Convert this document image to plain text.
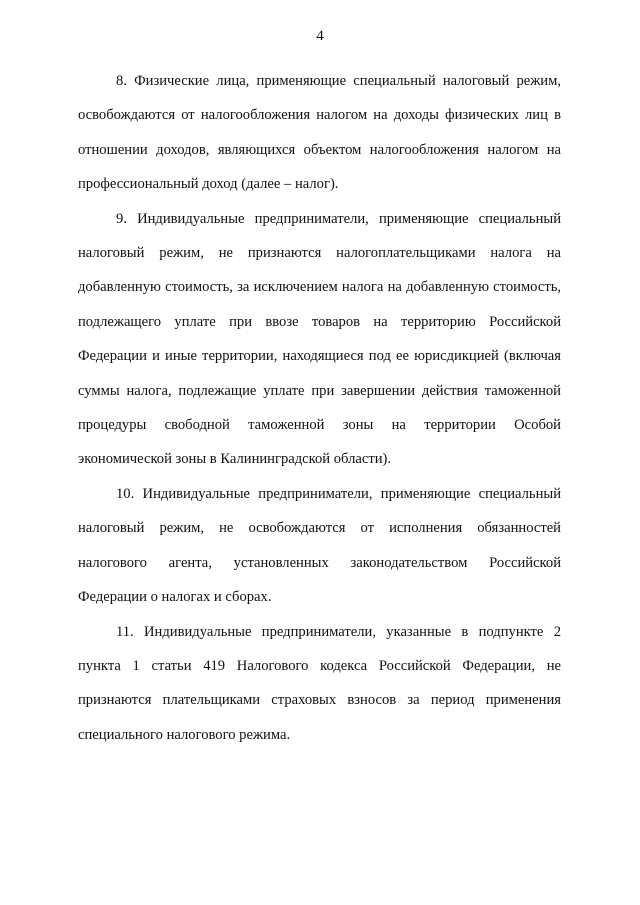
4

8. Физические лица, применяющие специальный налоговый режим, освобождаются от налогообложения налогом на доходы физических лиц в отношении доходов, являющихся объектом налогообложения налогом на профессиональный доход (далее – налог).

9. Индивидуальные предприниматели, применяющие специальный налоговый режим, не признаются налогоплательщиками налога на добавленную стоимость, за исключением налога на добавленную стоимость, подлежащего уплате при ввозе товаров на территорию Российской Федерации и иные территории, находящиеся под ее юрисдикцией (включая суммы налога, подлежащие уплате при завершении действия таможенной процедуры свободной таможенной зоны на территории Особой экономической зоны в Калининградской области).

10. Индивидуальные предприниматели, применяющие специальный налоговый режим, не освобождаются от исполнения обязанностей налогового агента, установленных законодательством Российской Федерации о налогах и сборах.

11. Индивидуальные предприниматели, указанные в подпункте 2 пункта 1 статьи 419 Налогового кодекса Российской Федерации, не признаются плательщиками страховых взносов за период применения специального налогового режима.
